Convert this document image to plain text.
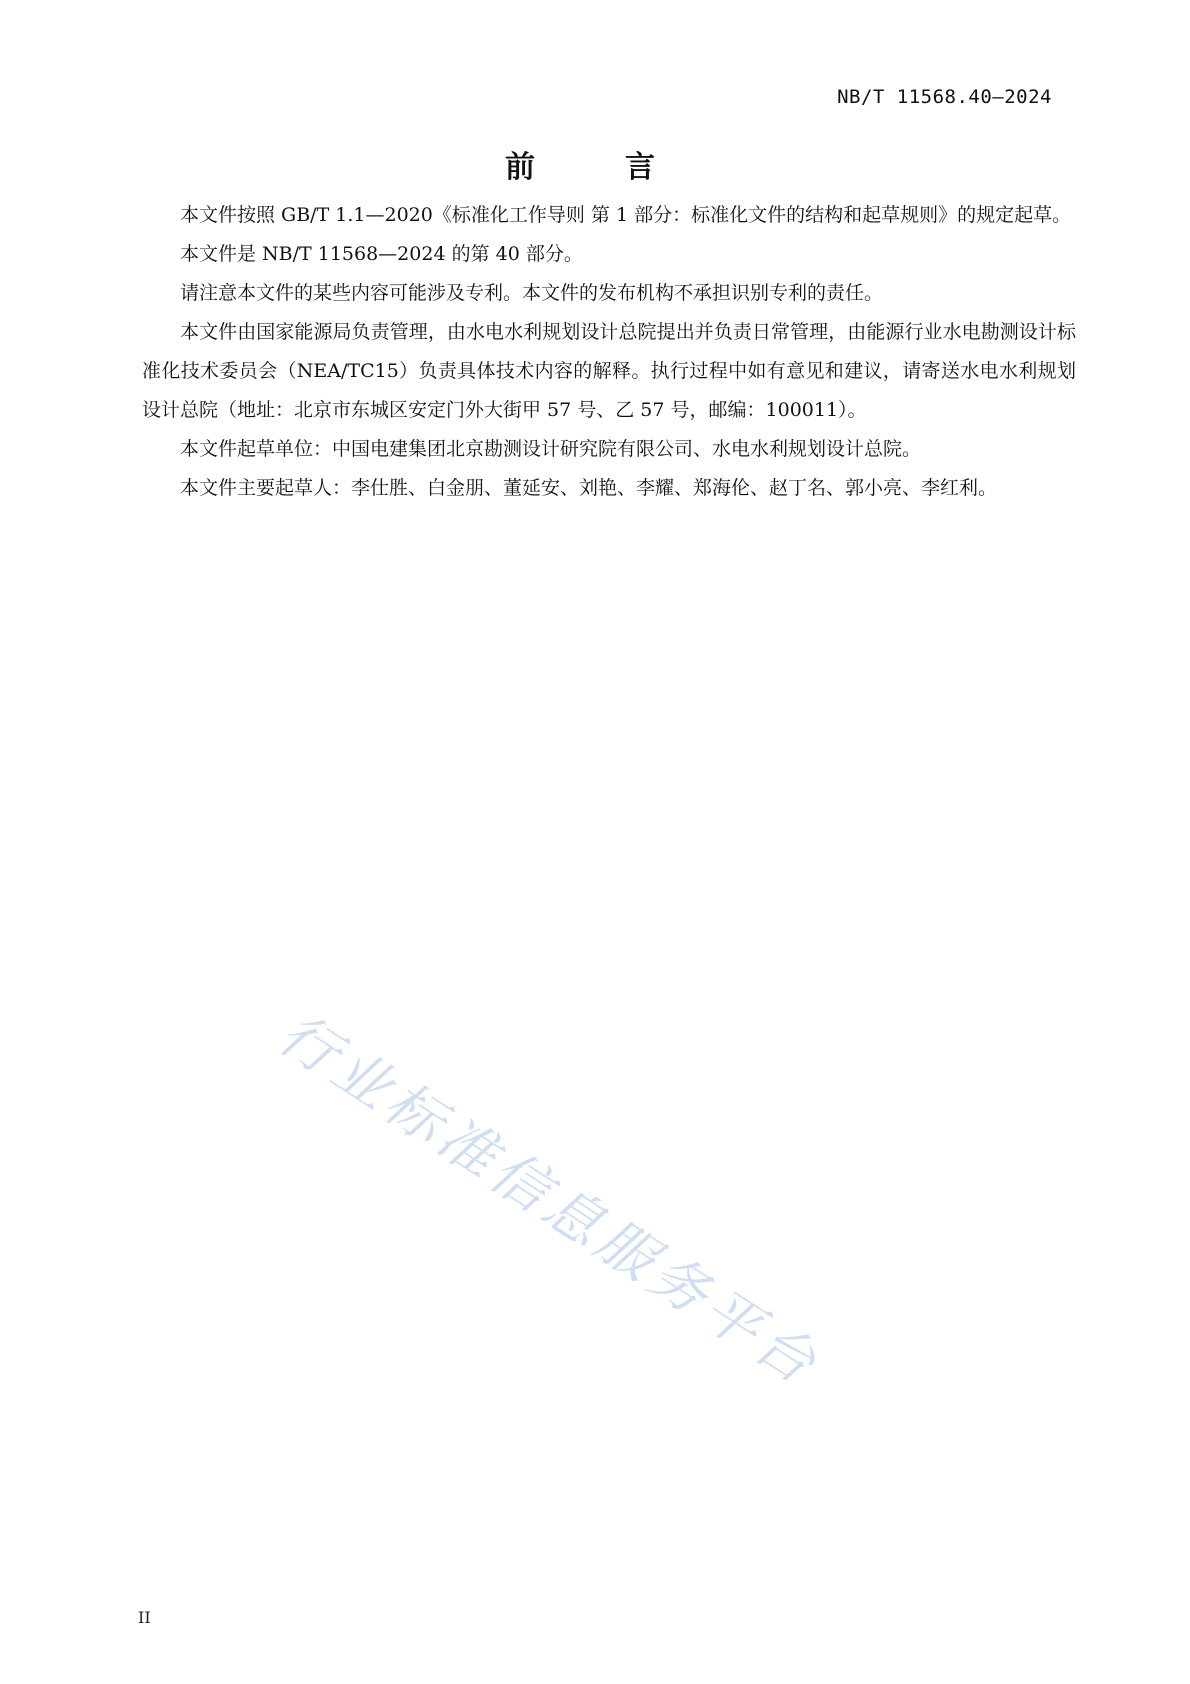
NB/T 11568.40—2024
前　言

本文件按照 GB/T 1.1—2020《标准化工作导则 第 1 部分：标准化文件的结构和起草规则》的规定起草。

本文件是 NB/T 11568—2024 的第 40 部分。

请注意本文件的某些内容可能涉及专利。本文件的发布机构不承担识别专利的责任。

本文件由国家能源局负责管理，由水电水利规划设计总院提出并负责日常管理，由能源行业水电勘测设计标准化技术委员会（NEA/TC15）负责具体技术内容的解释。执行过程中如有意见和建议，请寄送水电水利规划设计总院（地址：北京市东城区安定门外大街甲 57 号、乙 57 号，邮编：100011）。

本文件起草单位：中国电建集团北京勘测设计研究院有限公司、水电水利规划设计总院。

本文件主要起草人：李仕胜、白金朋、董延安、刘艳、李耀、郑海伦、赵丁名、郭小亮、李红利。

行业标准信息服务平台
II
